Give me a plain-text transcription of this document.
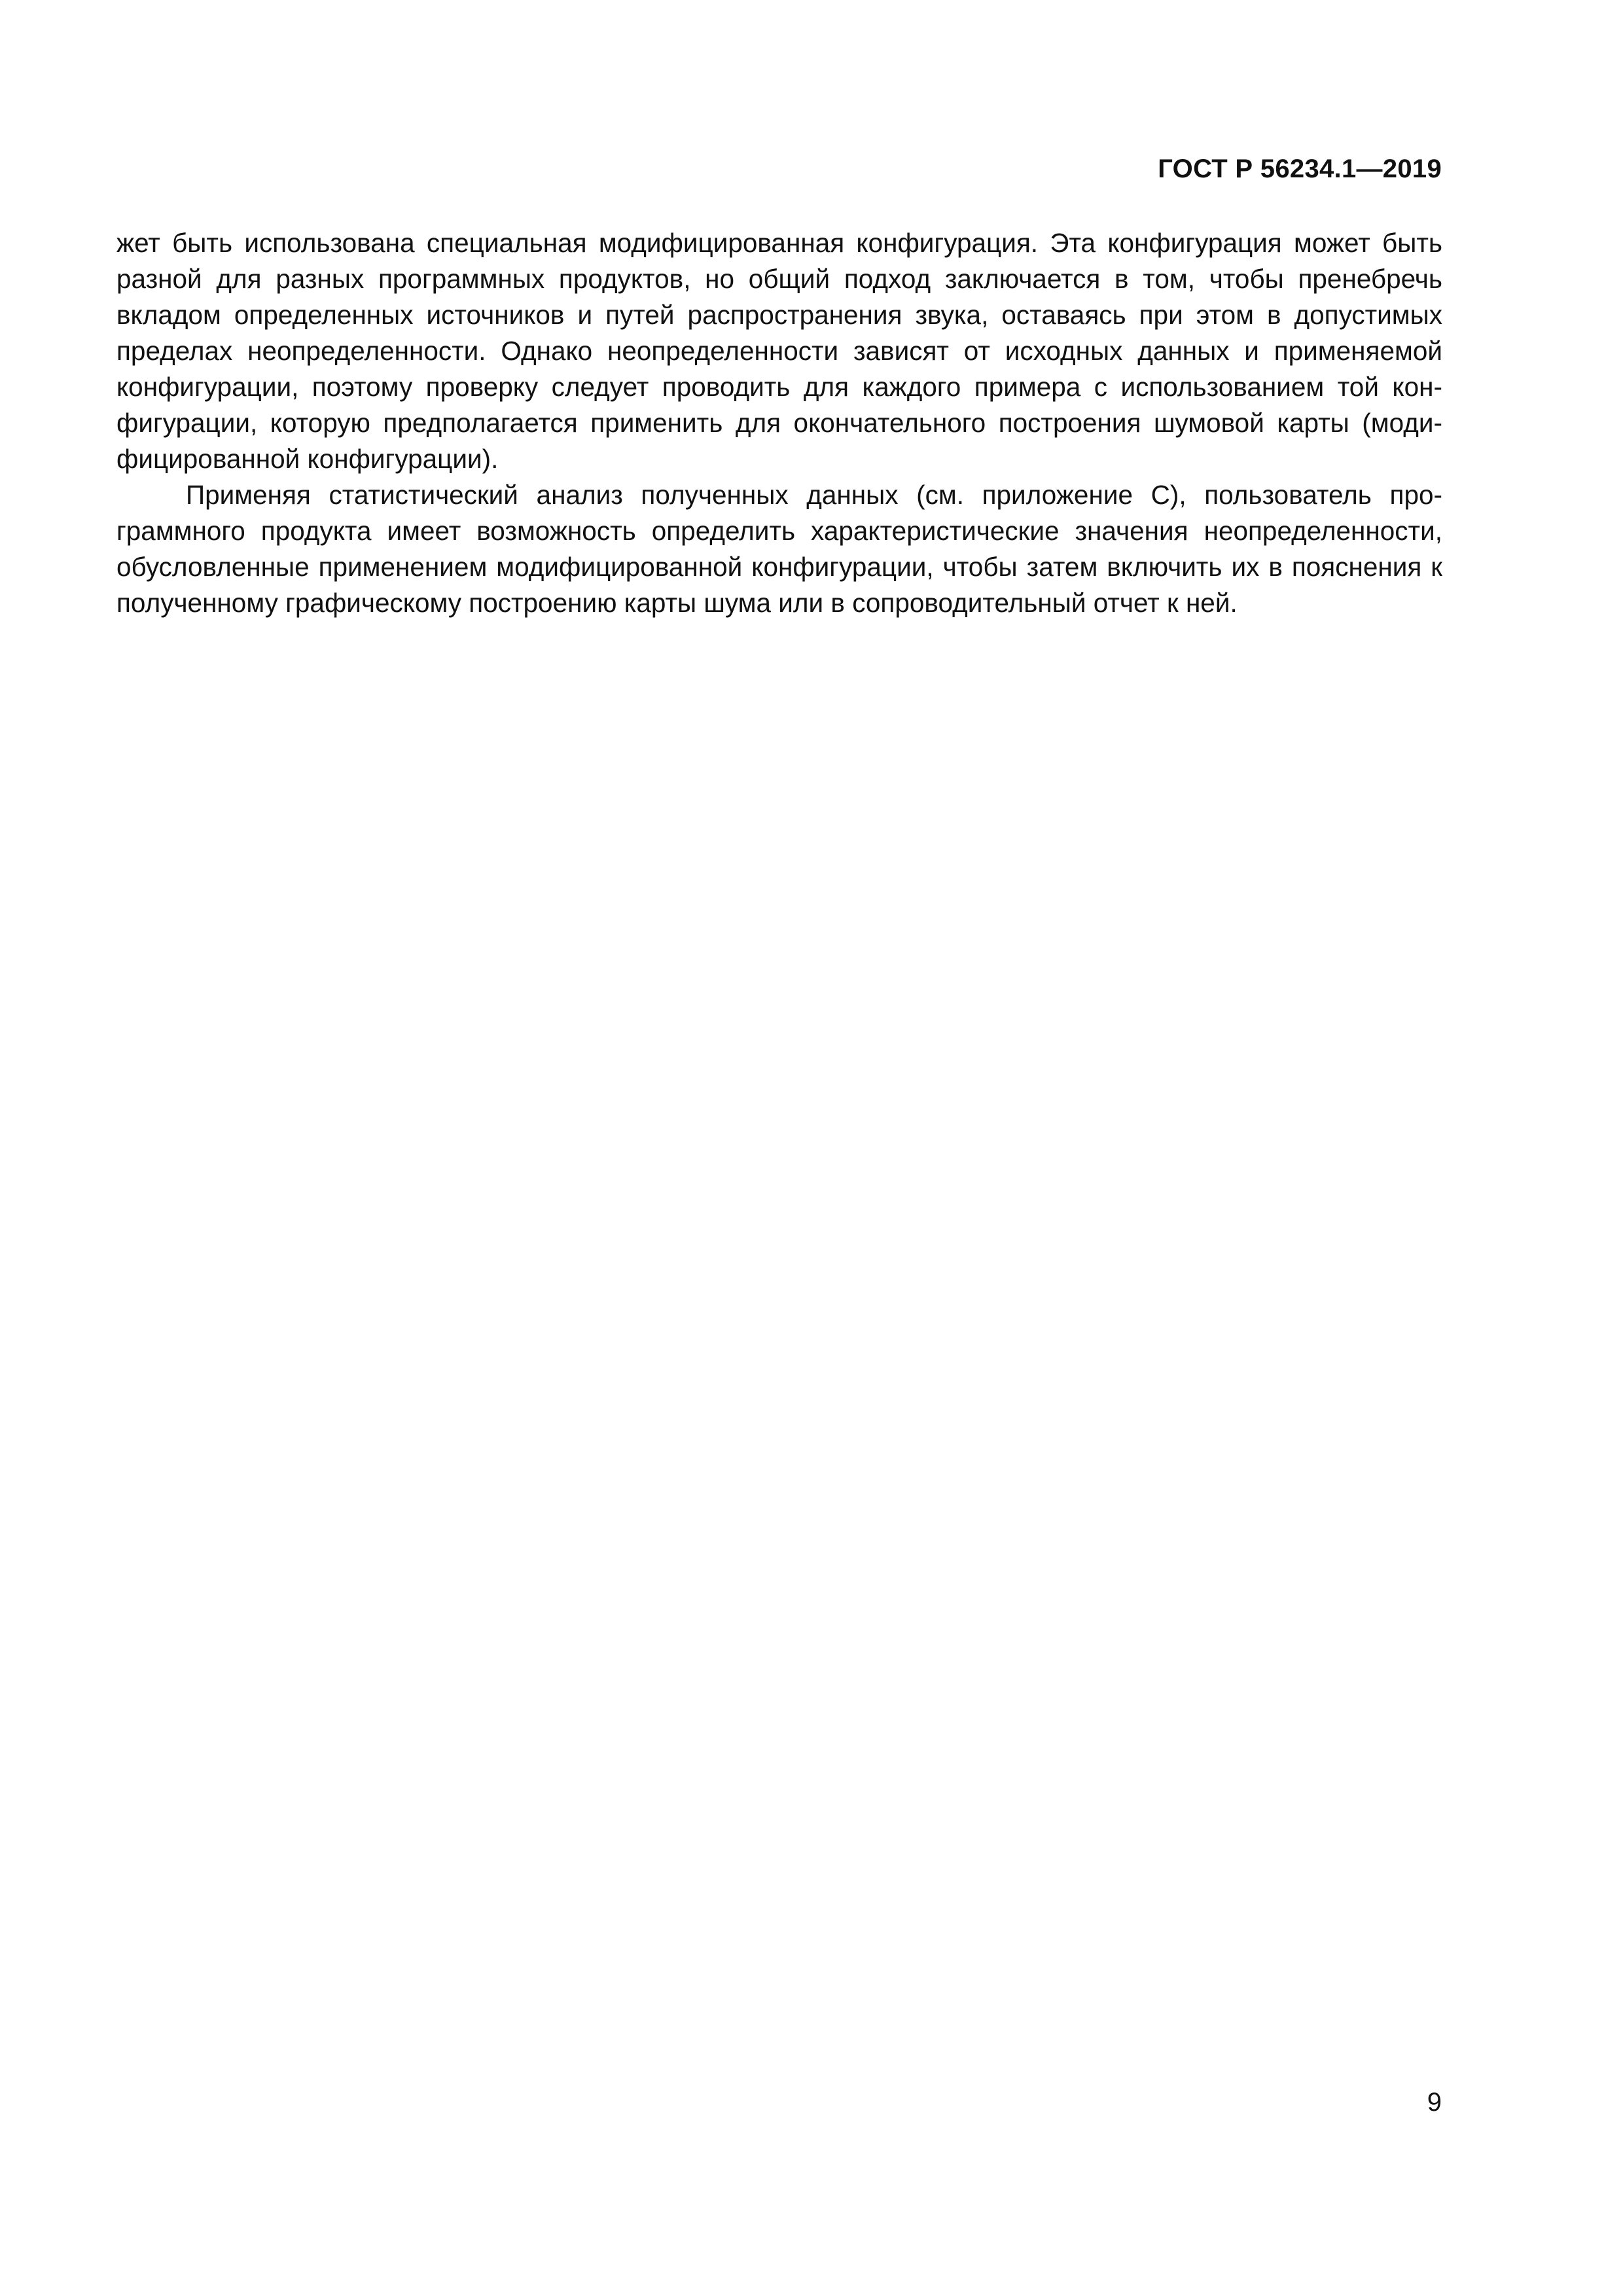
ГОСТ Р 56234.1—2019

жет быть использована специальная модифицированная конфигурация. Эта конфигурация может быть разной для разных программных продуктов, но общий подход заключается в том, чтобы пренебречь вкладом определенных источников и путей распространения звука, оставаясь при этом в допустимых пределах неопределенности. Однако неопределенности зависят от исходных данных и применяемой конфигурации, поэтому проверку следует проводить для каждого примера с использованием той конфигурации, которую предполагается применить для окончательного построения шумовой карты (модифицированной конфигурации).

Применяя статистический анализ полученных данных (см. приложение С), пользователь программного продукта имеет возможность определить характеристические значения неопределенности, обусловленные применением модифицированной конфигурации, чтобы затем включить их в пояснения к полученному графическому построению карты шума или в сопроводительный отчет к ней.

9
